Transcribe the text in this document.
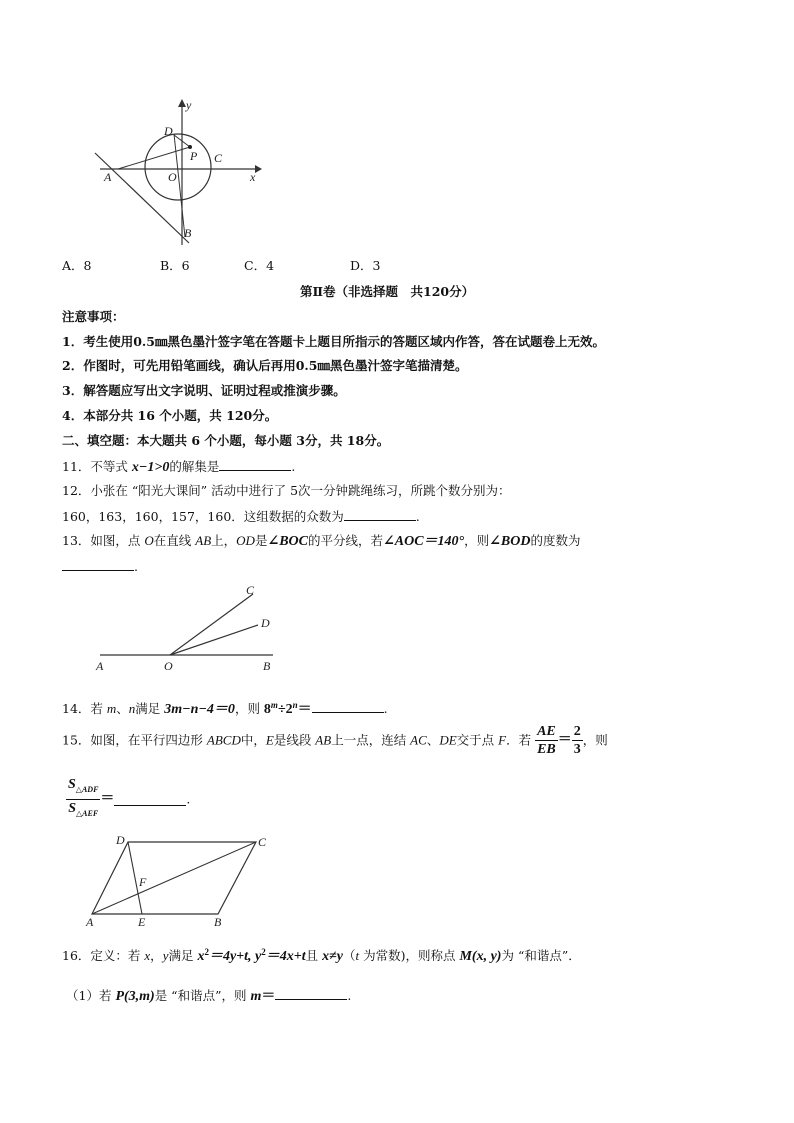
y
x
D
P C
A	O
B
A．8	B．6	C．4	D．3
第Ⅱ卷（非选择题　共120分）
注意事项：
1．考生使用0.5㎜黑色墨汁签字笔在答题卡上题目所指示的答题区域内作答，答在试题卷上无效。
2．作图时，可先用铅笔画线，确认后再用0.5㎜黑色墨汁签字笔描清楚。
3．解答题应写出文字说明、证明过程或推演步骤。
4．本部分共 16 个小题，共 120分。
二、填空题：本大题共 6 个小题，每小题 3分，共 18分。
11．不等式 x−1>0的解集是	.
12．小张在 “阳光大课间” 活动中进行了 5次一分钟跳绳练习，所跳个数分别为：
160，163，160，157，160．这组数据的众数为	.
13．如图，点 O在直线 AB上，OD是∠BOC的平分线，若∠AOC＝140°，则∠BOD的度数为
.
A	O	B
C
D
14．若 m、n满足 3m−n−4＝0，则 $8^m\div 2^n=$	.
15．如图，在平行四边形 ABCD中，E是线段 AB上一点，连结 AC、DE交于点 F．若 $\frac{AE}{EB} = \frac{2}{3}$ ，则
$\frac{S_{\triangle ADF}}{S_{\triangle AEF}}$ ＝	.
D	C
F
A	E	B
16．定义：若 x，y满足 $x^2=4y+t$, $y^2=4x+t$且 x≠y（t 为常数)，则称点 M(x, y)为 “和谐点”．
（1）若 P(3,m)是 “和谐点”，则 m＝	.
